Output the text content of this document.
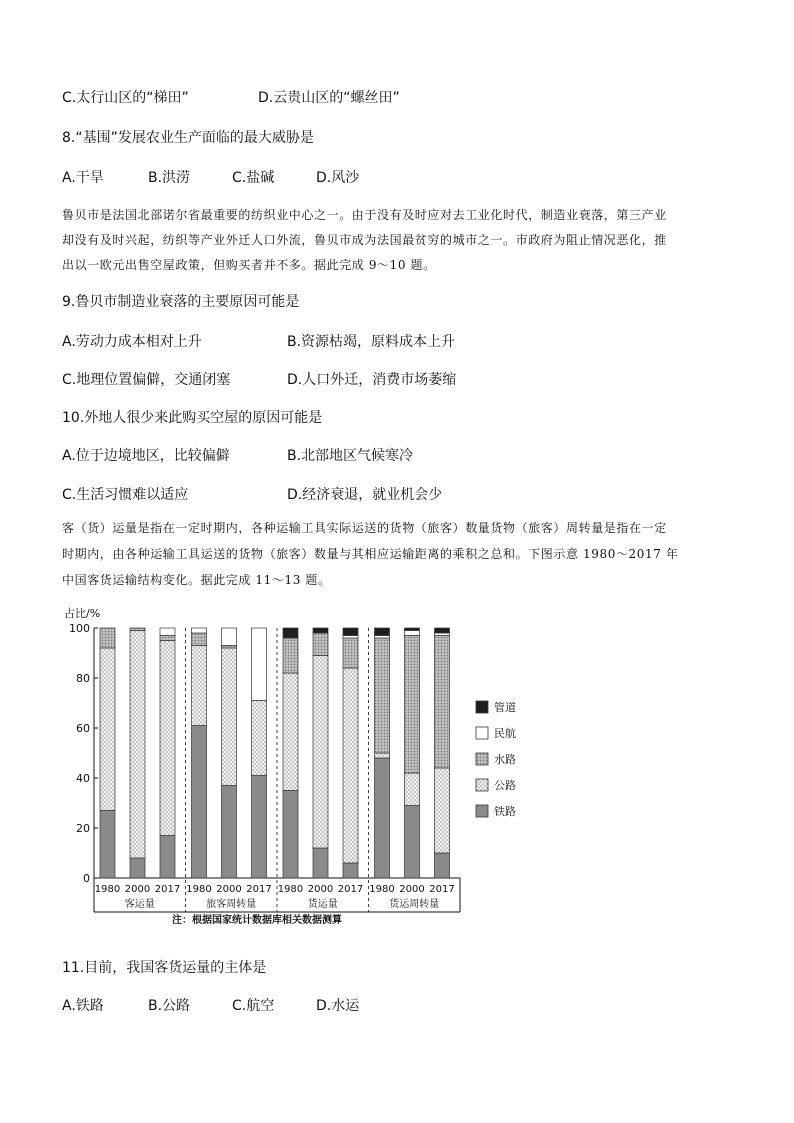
C.太行山区的“梯田”	D.云贵山区的“螺丝田”
8.“基围”发展农业生产面临的最大威胁是
A.干旱	B.洪涝	C.盐碱	D.风沙
鲁贝市是法国北部诺尔省最重要的纺织业中心之一。由于没有及时应对去工业化时代，制造业衰落，第三产业
却没有及时兴起，纺织等产业外迁人口外流，鲁贝市成为法国最贫穷的城市之一。市政府为阻止情况恶化，推
出以一欧元出售空屋政策，但购买者并不多。据此完成 9～10 题。
9.鲁贝市制造业衰落的主要原因可能是
A.劳动力成本相对上升	B.资源枯竭，原料成本上升
C.地理位置偏僻，交通闭塞	D.人口外迁，消费市场萎缩
10.外地人很少来此购买空屋的原因可能是
A.位于边境地区，比较偏僻	B.北部地区气候寒冷
C.生活习惯难以适应	D.经济衰退，就业机会少
客（货）运量是指在一定时期内，各种运输工具实际运送的货物（旅客）数量货物（旅客）周转量是指在一定
时期内，由各种运输工具运送的货物（旅客）数量与其相应运输距离的乘积之总和。下图示意 1980～2017 年
中国客货运输结构变化。据此完成 11～13 题。
占比/%
0
20
40
60
80
100
1980 2000 2017
客运量
1980 2000 2017
旅客周转量
1980 2000 2017
货运量
1980 2000 2017
货运周转量
管道
民航
水路
公路
铁路
注：根据国家统计数据库相关数据测算
11.目前，我国客货运量的主体是
A.铁路	B.公路	C.航空	D.水运
